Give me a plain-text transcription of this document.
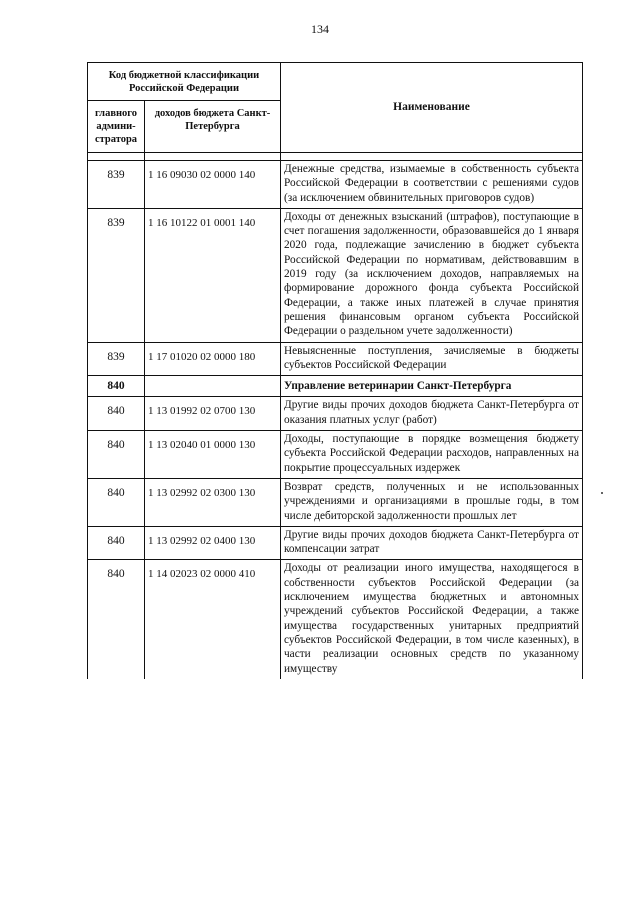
134
Код бюджетной классификации Российской Федерации		Наименование
главного админи-стратора	доходов бюджета Санкт-Петербурга	

839	1 16 09030 02 0000 140	Денежные средства, изымаемые в собственность субъекта Российской Федерации в соответствии с решениями судов (за исключением обвинительных приговоров судов)
839	1 16 10122 01 0001 140	Доходы от денежных взысканий (штрафов), поступающие в счет погашения задолженности, образовавшейся до 1 января 2020 года, подлежащие зачислению в бюджет субъекта Российской Федерации по нормативам, действовавшим в 2019 году (за исключением доходов, направляемых на формирование дорожного фонда субъекта Российской Федерации, а также иных платежей в случае принятия решения финансовым органом субъекта Российской Федерации о раздельном учете задолженности)
839	1 17 01020 02 0000 180	Невыясненные поступления, зачисляемые в бюджеты субъектов Российской Федерации
840		Управление ветеринарии Санкт-Петербурга
840	1 13 01992 02 0700 130	Другие виды прочих доходов бюджета Санкт-Петербурга от оказания платных услуг (работ)
840	1 13 02040 01 0000 130	Доходы, поступающие в порядке возмещения бюджету субъекта Российской Федерации расходов, направленных на покрытие процессуальных издержек
840	1 13 02992 02 0300 130	Возврат средств, полученных и не использованных учреждениями и организациями в прошлые годы, в том числе дебиторской задолженности прошлых лет
840	1 13 02992 02 0400 130	Другие виды прочих доходов бюджета Санкт-Петербурга от компенсации затрат
840	1 14 02023 02 0000 410	Доходы от реализации иного имущества, находящегося в собственности субъектов Российской Федерации (за исключением имущества бюджетных и автономных учреждений субъектов Российской Федерации, а также имущества государственных унитарных предприятий субъектов Российской Федерации, в том числе казенных), в части реализации основных средств по указанному имуществу
